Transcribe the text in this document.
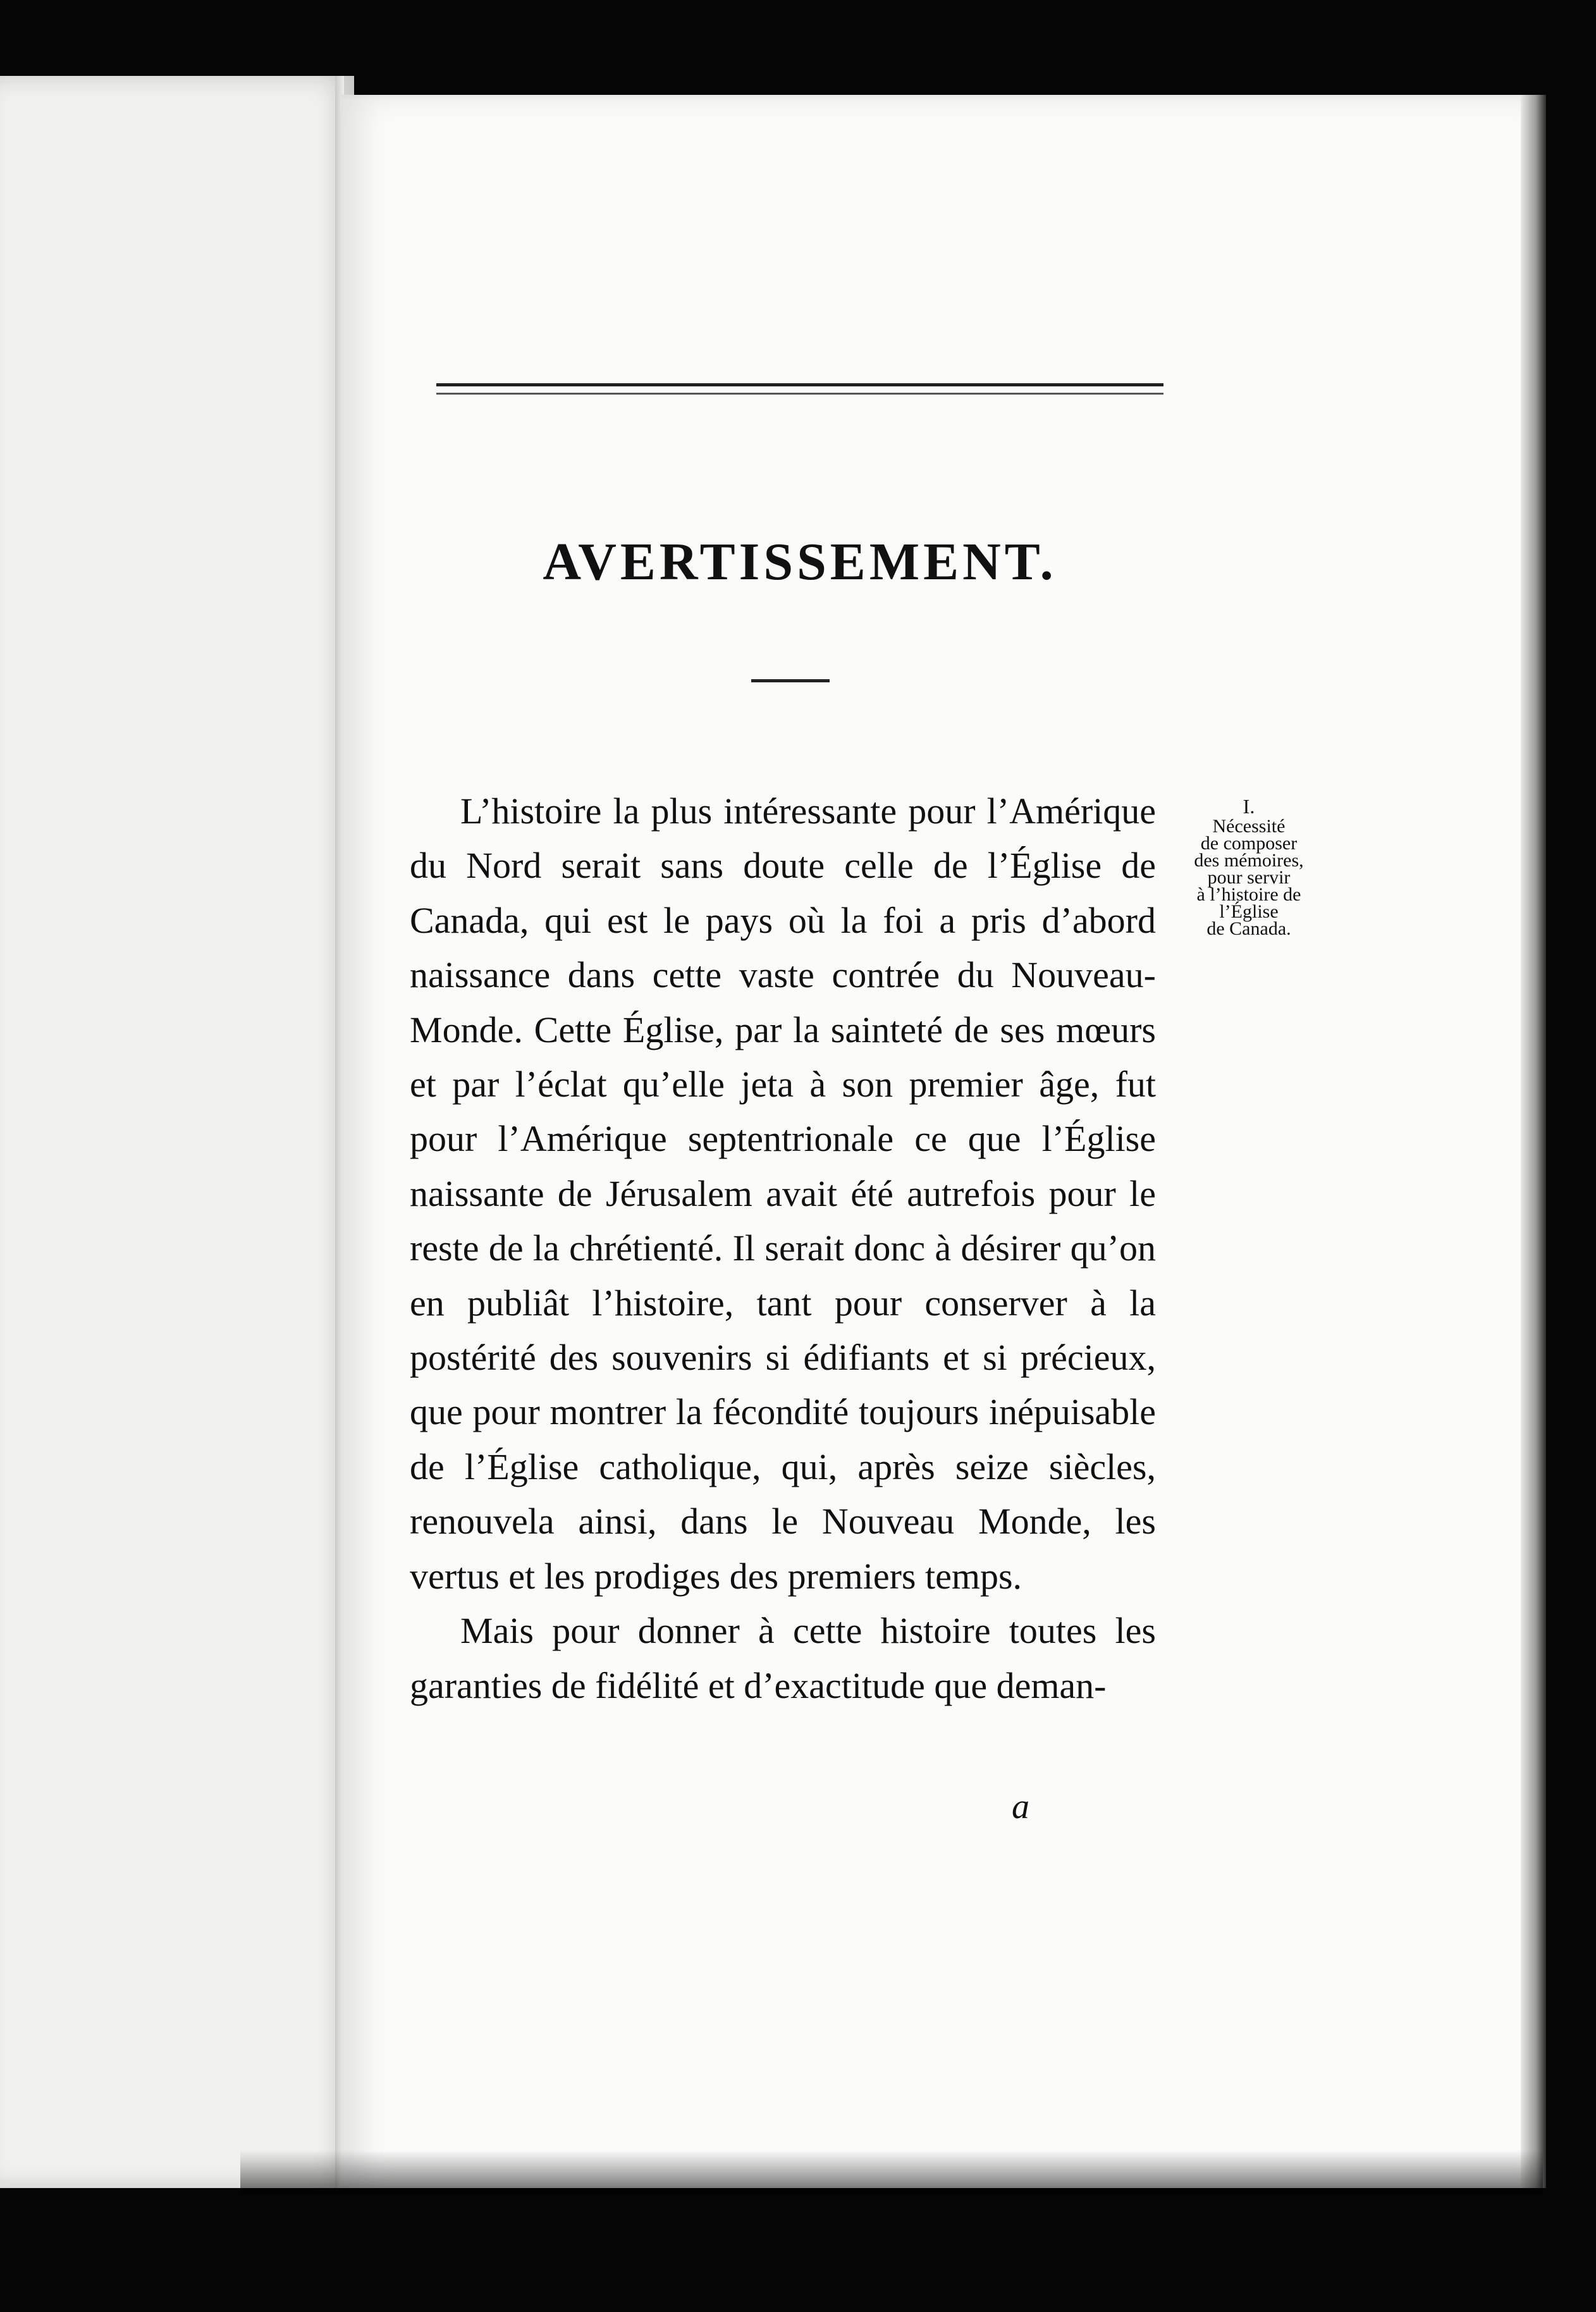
AVERTISSEMENT.

L’histoire la plus intéressante pour l’Amérique du Nord serait sans doute celle de l’Église de Canada, qui est le pays où la foi a pris d’abord naissance dans cette vaste contrée du Nouveau-Monde. Cette Église, par la sainteté de ses mœurs et par l’éclat qu’elle jeta à son premier âge, fut pour l’Amérique septentrionale ce que l’Église naissante de Jérusalem avait été autrefois pour le reste de la chrétienté. Il serait donc à désirer qu’on en publiât l’histoire, tant pour conserver à la postérité des souvenirs si édifiants et si précieux, que pour montrer la fécondité toujours inépuisable de l’Église catholique, qui, après seize siècles, renouvela ainsi, dans le Nouveau Monde, les vertus et les prodiges des premiers temps.

Mais pour donner à cette histoire toutes les garanties de fidélité et d’exactitude que deman-

I.
Nécessité
de composer
des mémoires,
pour servir
à l’histoire de
l’Église
de Canada.
a
